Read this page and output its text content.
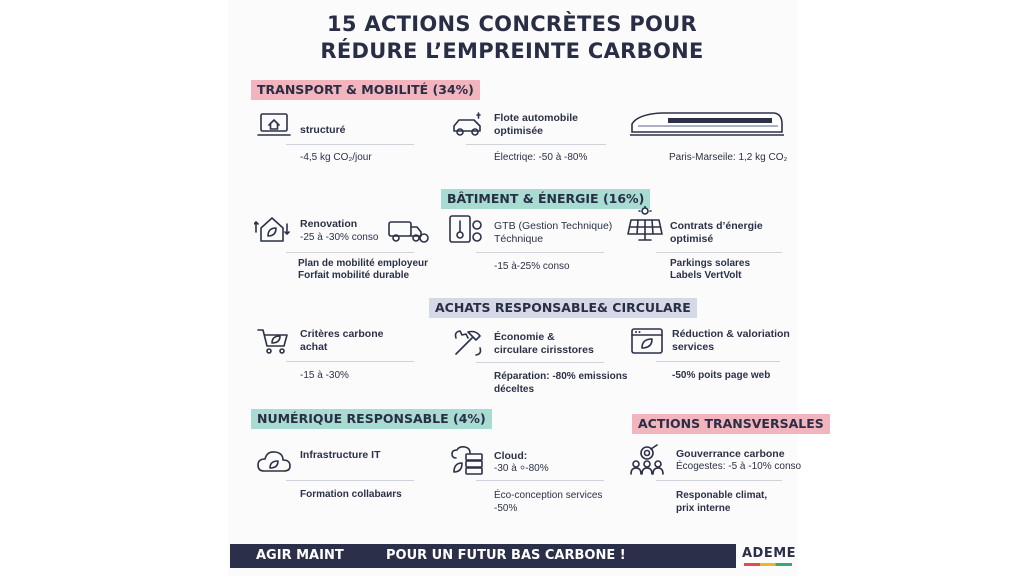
15 ACTIONS CONCRÈTES POUR
RÉDURE L’EMPREINTE CARBONE
TRANSPORT & MOBILITÉ (34%)
BÂTIMENT & ÉNERGIE (16%)
ACHATS RESPONSABLE& CIRCULARE
NUMÉRIQUE RESPONSABLE (4%)	ACTIONS TRANSVERSALES
structuré
-4,5 kg CO₂/jour
Flote automobile
optimisée
Électriqe: -50 à -80%	Paris-Marseile: 1,2 kg CO₂
Renovation
-25 à -30% conso
Plan de mobilité employeur
Forfait mobilité durable
GTB (Gestion Technique)
Téchnique
-15 à-25% conso
Contrats d’énergie
optimisé
Parkings solares
Labels VertVolt
Critères carbone
achat
-15 à -30%
Économie &
circulare cirisstores
Réparation: -80% emissions
déceltes
Réduction & valoriation
services
-50% poits page web
Infrastructure IT
Formation collabaиrs
Cloud:
-30 à ⸰-80%
Éco-conception services
-50%
Gouverrance carbone
Écogestes: -5 à -10% conso
Responable climat,
prix interne
AGIR MAINT	POUR UN FUTUR BAS CARBONE !	ADEME
